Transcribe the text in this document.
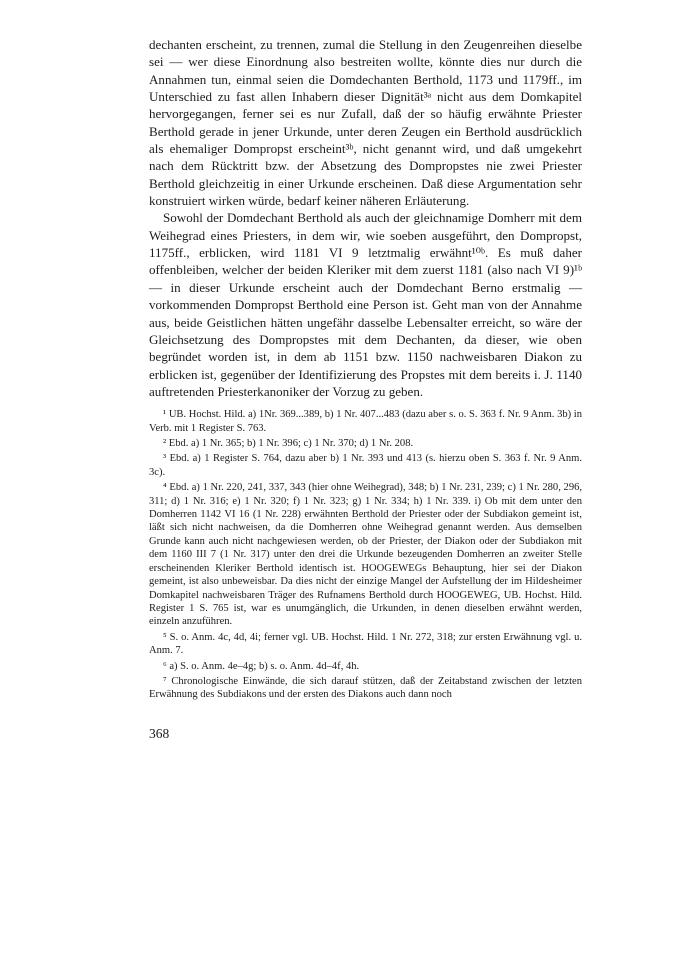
dechanten erscheint, zu trennen, zumal die Stellung in den Zeugenreihen dieselbe sei — wer diese Einordnung also bestreiten wollte, könnte dies nur durch die Annahmen tun, einmal seien die Domdechanten Berthold, 1173 und 1179ff., im Unterschied zu fast allen Inhabern dieser Dignität³ᵃ nicht aus dem Domkapitel hervorgegangen, ferner sei es nur Zufall, daß der so häufig erwähnte Priester Berthold gerade in jener Urkunde, unter deren Zeugen ein Berthold ausdrücklich als ehemaliger Dompropst erscheint³ᵇ, nicht genannt wird, und daß umgekehrt nach dem Rücktritt bzw. der Absetzung des Dompropstes nie zwei Priester Berthold gleichzeitig in einer Urkunde erscheinen. Daß diese Argumentation sehr konstruiert wirken würde, bedarf keiner näheren Erläuterung.

Sowohl der Domdechant Berthold als auch der gleichnamige Domherr mit dem Weihegrad eines Priesters, in dem wir, wie soeben ausgeführt, den Dompropst, 1175ff., erblicken, wird 1181 VI 9 letztmalig erwähnt¹⁰ᵇ. Es muß daher offenbleiben, welcher der beiden Kleriker mit dem zuerst 1181 (also nach VI 9)¹ᵇ — in dieser Urkunde erscheint auch der Domdechant Berno erstmalig — vorkommenden Dompropst Berthold eine Person ist. Geht man von der Annahme aus, beide Geistlichen hätten ungefähr dasselbe Lebensalter erreicht, so wäre der Gleichsetzung des Dompropstes mit dem Dechanten, da dieser, wie oben begründet worden ist, in dem ab 1151 bzw. 1150 nachweisbaren Diakon zu erblicken ist, gegenüber der Identifizierung des Propstes mit dem bereits i. J. 1140 auftretenden Priesterkanoniker der Vorzug zu geben.

¹ UB. Hochst. Hild. a) 1Nr. 369...389, b) 1 Nr. 407...483 (dazu aber s. o. S. 363 f. Nr. 9 Anm. 3b) in Verb. mit 1 Register S. 763.

² Ebd. a) 1 Nr. 365; b) 1 Nr. 396; c) 1 Nr. 370; d) 1 Nr. 208.

³ Ebd. a) 1 Register S. 764, dazu aber b) 1 Nr. 393 und 413 (s. hierzu oben S. 363 f. Nr. 9 Anm. 3c).

⁴ Ebd. a) 1 Nr. 220, 241, 337, 343 (hier ohne Weihegrad), 348; b) 1 Nr. 231, 239; c) 1 Nr. 280, 296, 311; d) 1 Nr. 316; e) 1 Nr. 320; f) 1 Nr. 323; g) 1 Nr. 334; h) 1 Nr. 339. i) Ob mit dem unter den Domherren 1142 VI 16 (1 Nr. 228) erwähnten Berthold der Priester oder der Subdiakon gemeint ist, läßt sich nicht nachweisen, da die Domherren ohne Weihegrad genannt werden. Aus demselben Grunde kann auch nicht nachgewiesen werden, ob der Priester, der Diakon oder der Subdiakon mit dem 1160 III 7 (1 Nr. 317) unter den drei die Urkunde bezeugenden Domherren an zweiter Stelle erscheinenden Kleriker Berthold identisch ist. HOOGEWEGs Behauptung, hier sei der Diakon gemeint, ist also unbeweisbar. Da dies nicht der einzige Mangel der Aufstellung der im Hildesheimer Domkapitel nachweisbaren Träger des Rufnamens Berthold durch HOOGEWEG, UB. Hochst. Hild. Register 1 S. 765 ist, war es unumgänglich, die Urkunden, in denen dieselben erwähnt werden, einzeln anzuführen.

⁵ S. o. Anm. 4c, 4d, 4i; ferner vgl. UB. Hochst. Hild. 1 Nr. 272, 318; zur ersten Erwähnung vgl. u. Anm. 7.

⁶ a) S. o. Anm. 4e–4g; b) s. o. Anm. 4d–4f, 4h.

⁷ Chronologische Einwände, die sich darauf stützen, daß der Zeitabstand zwischen der letzten Erwähnung des Subdiakons und der ersten des Diakons auch dann noch

368
